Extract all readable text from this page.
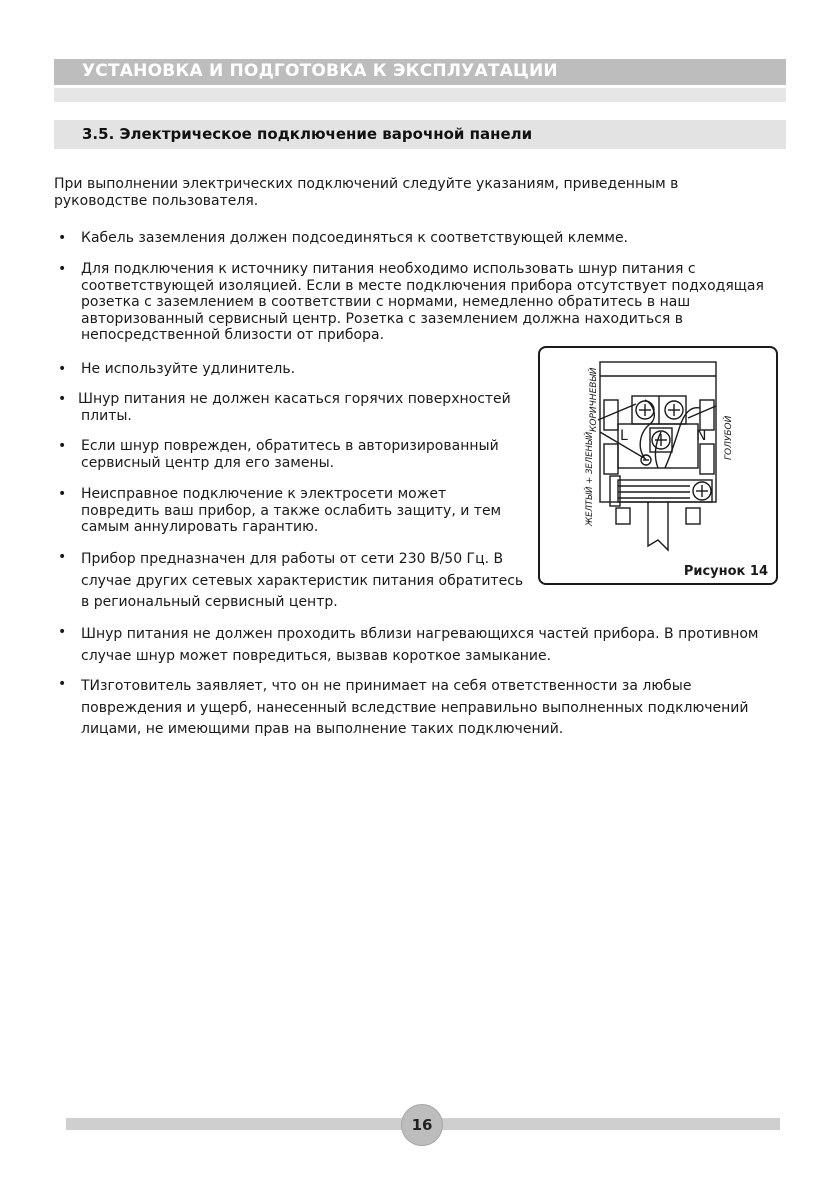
УСТАНОВКА И ПОДГОТОВКА К ЭКСПЛУАТАЦИИ
3.5. Электрическое подключение варочной панели
При выполнении электрических подключений следуйте указаниям, приведенным в
руководстве пользователя.
• Кабель заземления должен подсоединяться к соответствующей клемме.
• Для подключения к источнику питания необходимо использовать шнур питания с
соответствующей изоляцией. Если в месте подключения прибора отсутствует подходящая
розетка с заземлением в соответствии с нормами, немедленно обратитесь в наш
авторизованный сервисный центр. Розетка с заземлением должна находиться в
непосредственной близости от прибора.
• Не используйте удлинитель.
• Шнур питания не должен касаться горячих поверхностей
плиты.
• Если шнур поврежден, обратитесь в авторизированный
сервисный центр для его замены.
• Неисправное подключение к электросети может
повредить ваш прибор, а также ослабить защиту, и тем
самым аннулировать гарантию.
• Прибор предназначен для работы от сети 230 В/50 Гц. В
случае других сетевых характеристик питания обратитесь
в региональный сервисный центр.
• Шнур питания не должен проходить вблизи нагревающихся частей прибора. В противном
случае шнур может повредиться, вызвав короткое замыкание.
• ТИзготовитель заявляет, что он не принимает на себя ответственности за любые
повреждения и ущерб, нанесенный вследствие неправильно выполненных подключений
лицами, не имеющими прав на выполнение таких подключений.
ЖЕЛТЫЙ + ЗЕЛЕНЫЙ
КОРИЧНЕВЫЙ
ГОЛУБОЙ
L	N
Рисунок 14
16
